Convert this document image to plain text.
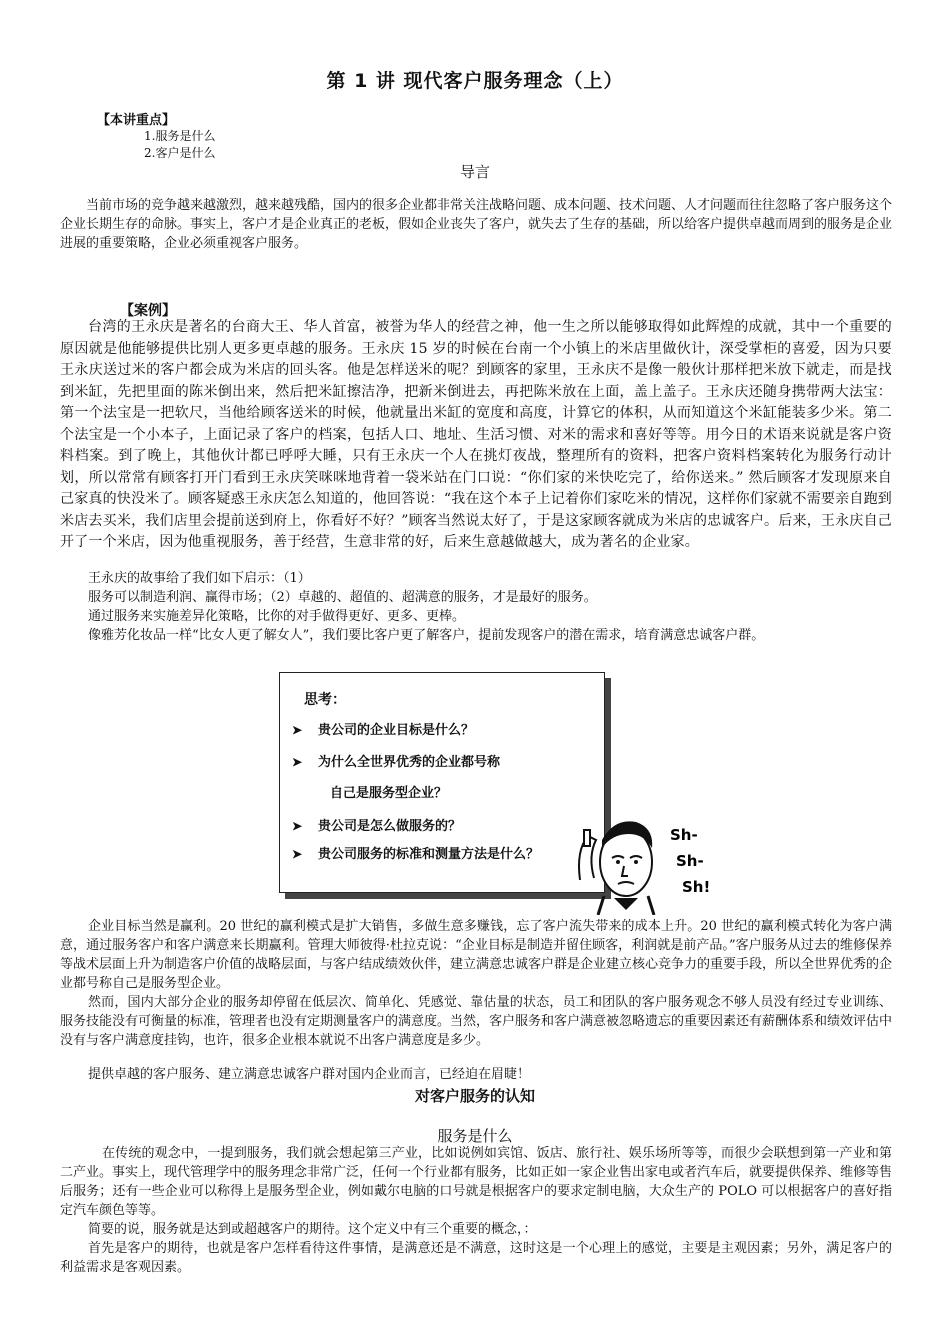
第 1 讲 现代客户服务理念（上）
【本讲重点】
1.服务是什么
2.客户是什么
导言
当前市场的竞争越来越激烈，越来越残酷，国内的很多企业都非常关注战略问题、成本问题、技术问题、人才问题而往往忽略了客户服务这个企业长期生存的命脉。事实上，客户才是企业真正的老板，假如企业丧失了客户，就失去了生存的基础，所以给客户提供卓越而周到的服务是企业进展的重要策略，企业必须重视客户服务。
【案例】
台湾的王永庆是著名的台商大王、华人首富，被誉为华人的经营之神，他一生之所以能够取得如此辉煌的成就，其中一个重要的原因就是他能够提供比别人更多更卓越的服务。王永庆 15 岁的时候在台南一个小镇上的米店里做伙计，深受掌柜的喜爱，因为只要王永庆送过米的客户都会成为米店的回头客。他是怎样送米的呢？到顾客的家里，王永庆不是像一般伙计那样把米放下就走，而是找到米缸，先把里面的陈米倒出来，然后把米缸擦洁净，把新米倒进去，再把陈米放在上面，盖上盖子。王永庆还随身携带两大法宝：第一个法宝是一把软尺，当他给顾客送米的时候，他就量出米缸的宽度和高度，计算它的体积，从而知道这个米缸能装多少米。第二个法宝是一个小本子，上面记录了客户的档案，包括人口、地址、生活习惯、对米的需求和喜好等等。用今日的术语来说就是客户资料档案。到了晚上，其他伙计都已呼呼大睡，只有王永庆一个人在挑灯夜战，整理所有的资料，把客户资料档案转化为服务行动计划，所以常常有顾客打开门看到王永庆笑咪咪地背着一袋米站在门口说：“你们家的米快吃完了，给你送来。” 然后顾客才发现原来自己家真的快没米了。顾客疑惑王永庆怎么知道的，他回答说：“我在这个本子上记着你们家吃米的情况，这样你们家就不需要亲自跑到米店去买米，我们店里会提前送到府上，你看好不好？”顾客当然说太好了，于是这家顾客就成为米店的忠诚客户。后来，王永庆自己开了一个米店，因为他重视服务，善于经营，生意非常的好，后来生意越做越大，成为著名的企业家。
王永庆的故事给了我们如下启示：（1）
服务可以制造利润、赢得市场；（2）卓越的、超值的、超满意的服务，才是最好的服务。
通过服务来实施差异化策略，比你的对手做得更好、更多、更棒。
像雅芳化妆品一样“比女人更了解女人”，我们要比客户更了解客户，提前发现客户的潜在需求，培育满意忠诚客户群。
思考：
➤ 贵公司的企业目标是什么？
➤ 为什么全世界优秀的企业都号称
自己是服务型企业？
➤ 贵公司是怎么做服务的？
➤ 贵公司服务的标准和测量方法是什么？
Sh-
Sh-
Sh!
企业目标当然是赢利。20 世纪的赢利模式是扩大销售，多做生意多赚钱，忘了客户流失带来的成本上升。20 世纪的赢利模式转化为客户满意，通过服务客户和客户满意来长期赢利。管理大师彼得·杜拉克说：“企业目标是制造并留住顾客，利润就是前产品。”客户服务从过去的维修保养等战术层面上升为制造客户价值的战略层面，与客户结成绩效伙伴，建立满意忠诚客户群是企业建立核心竞争力的重要手段，所以全世界优秀的企业都号称自己是服务型企业。
然而，国内大部分企业的服务却停留在低层次、简单化、凭感觉、靠估量的状态，员工和团队的客户服务观念不够人员没有经过专业训练、服务技能没有可衡量的标准，管理者也没有定期测量客户的满意度。当然，客户服务和客户满意被忽略遗忘的重要因素还有薪酬体系和绩效评估中没有与客户满意度挂钩，也许，很多企业根本就说不出客户满意度是多少。
提供卓越的客户服务、建立满意忠诚客户群对国内企业而言，已经迫在眉睫！
对客户服务的认知
服务是什么
在传统的观念中，一提到服务，我们就会想起第三产业，比如说例如宾馆、饭店、旅行社、娱乐场所等等，而很少会联想到第一产业和第二产业。事实上，现代管理学中的服务理念非常广泛，任何一个行业都有服务，比如正如一家企业售出家电或者汽车后，就要提供保养、维修等售后服务；还有一些企业可以称得上是服务型企业，例如戴尔电脑的口号就是根据客户的要求定制电脑，大众生产的 POLO 可以根据客户的喜好指定汽车颜色等等。
简要的说，服务就是达到或超越客户的期待。这个定义中有三个重要的概念，：
首先是客户的期待，也就是客户怎样看待这件事情，是满意还是不满意，这时这是一个心理上的感觉，主要是主观因素；另外，满足客户的利益需求是客观因素。
